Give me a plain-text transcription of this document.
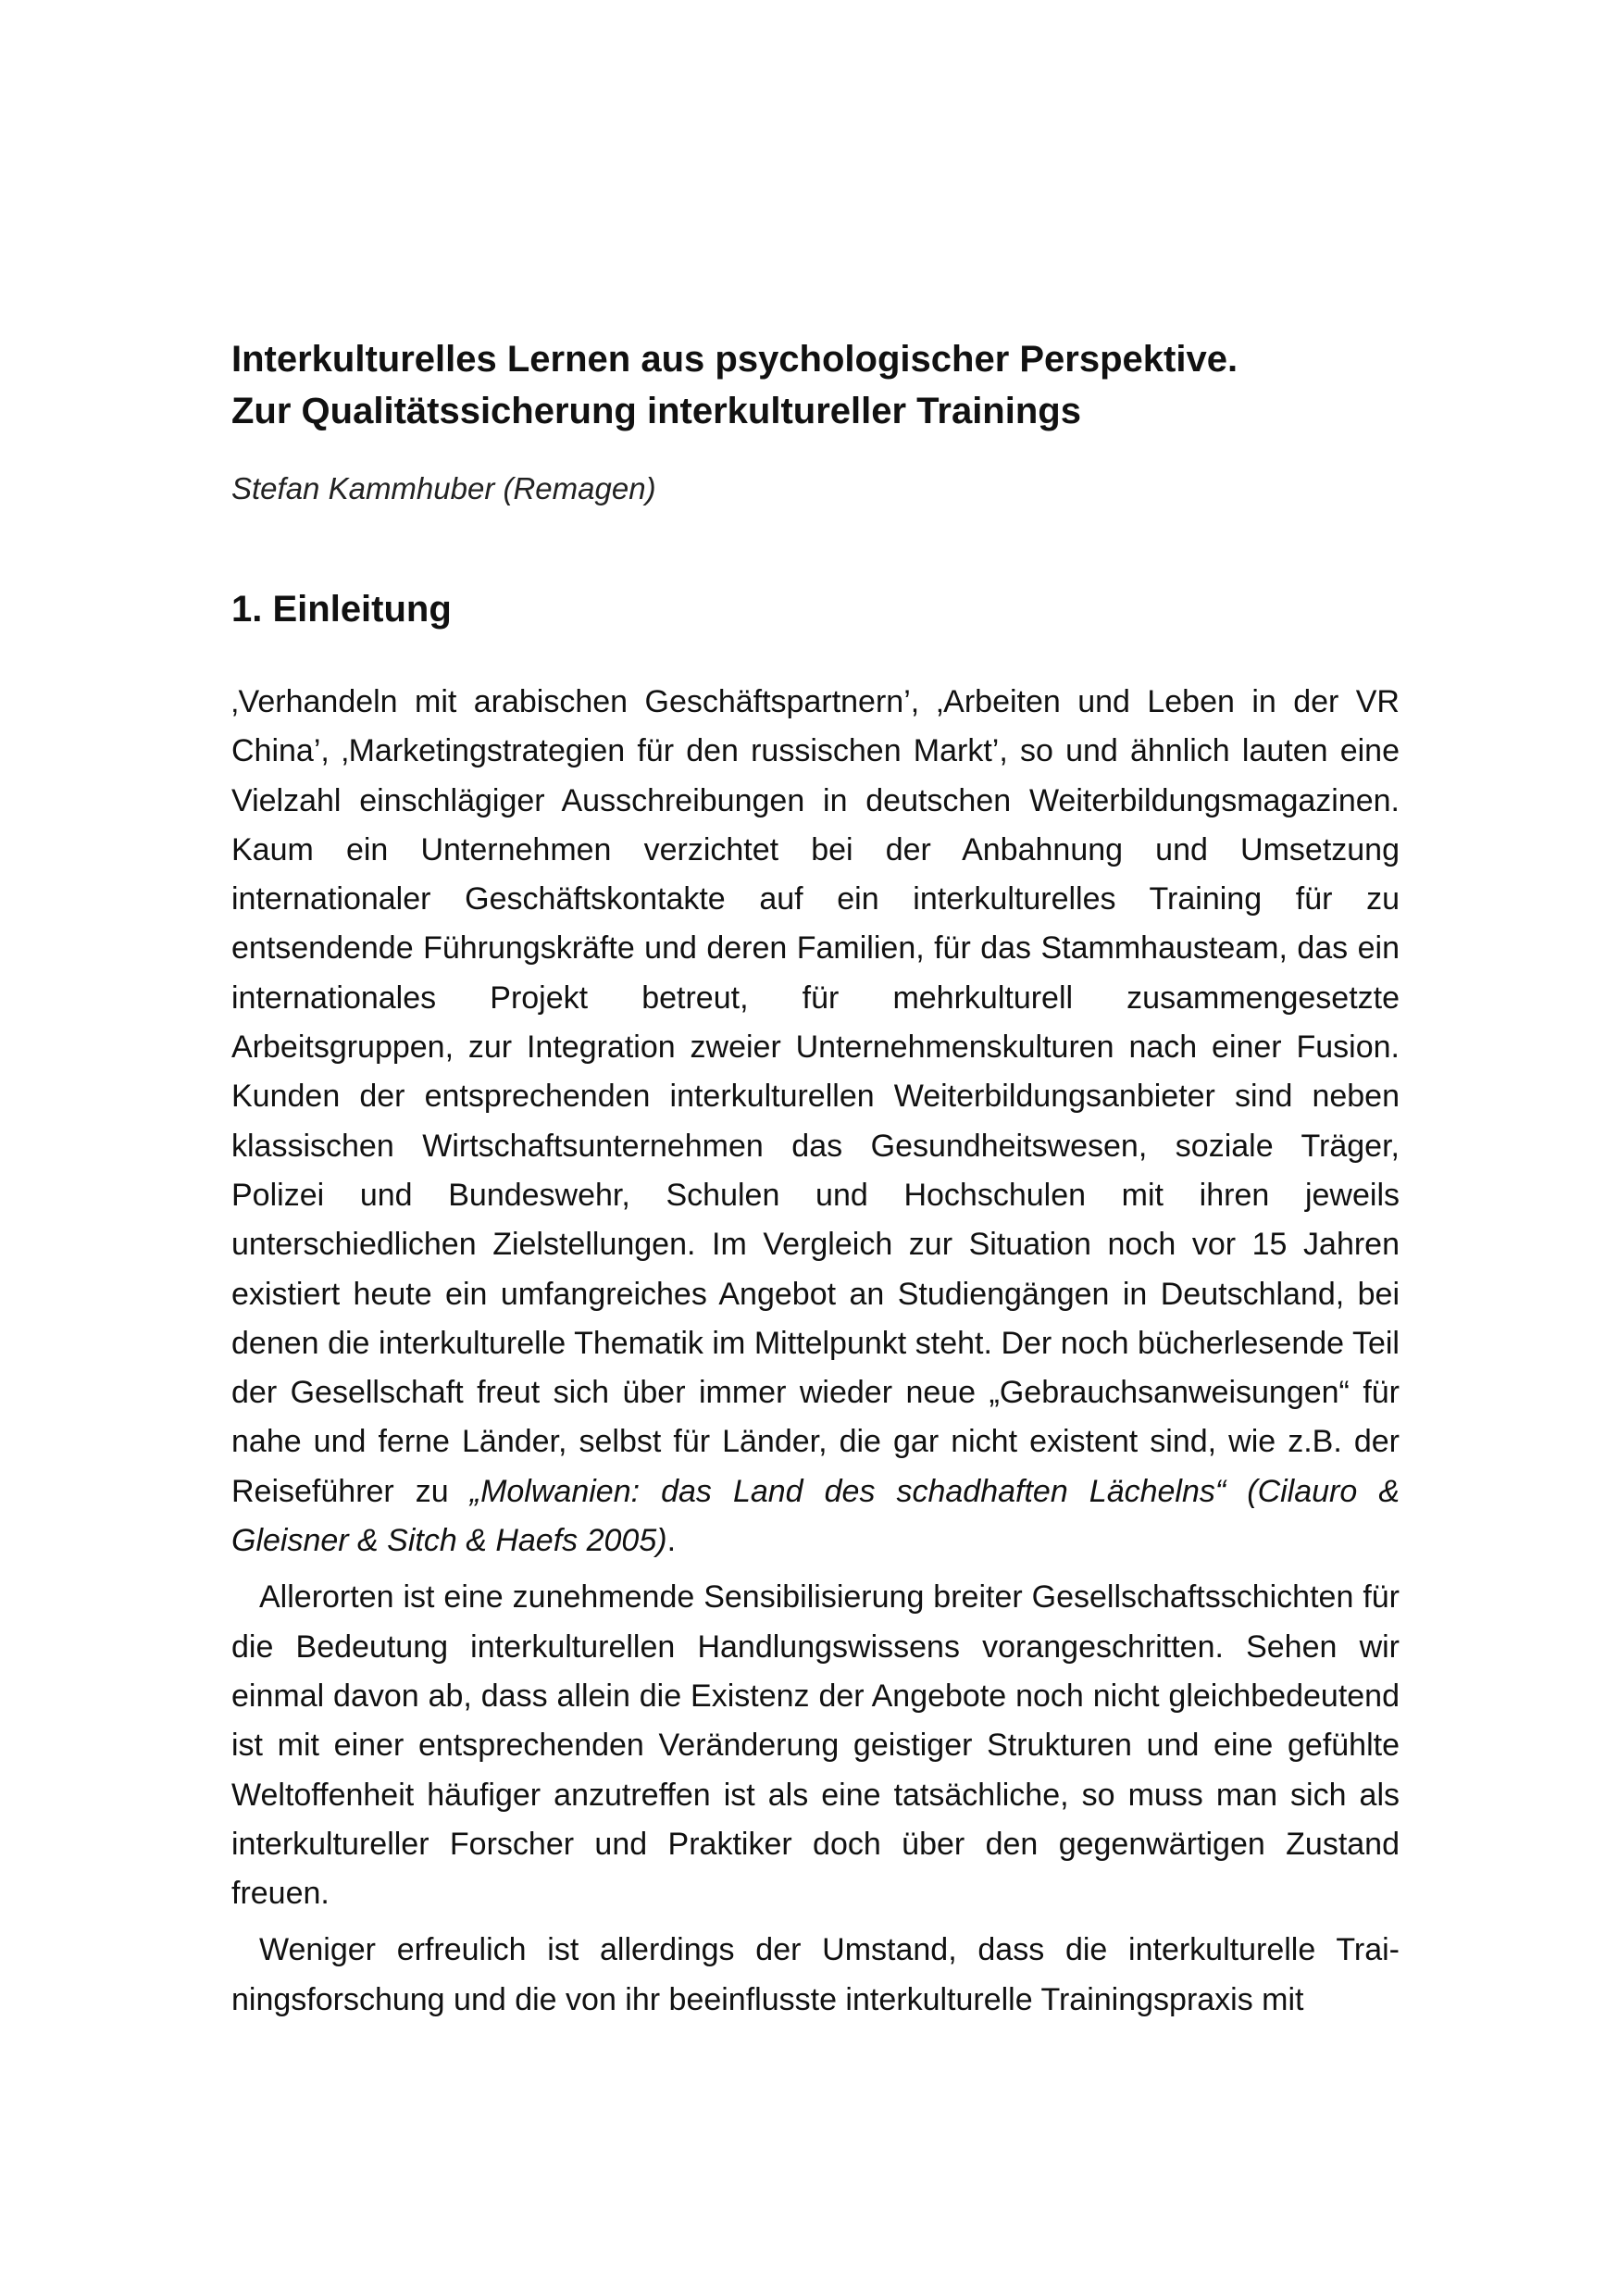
Interkulturelles Lernen aus psychologischer Perspektive.
Zur Qualitätssicherung interkultureller Trainings
Stefan Kammhuber (Remagen)
1. Einleitung

‚Verhandeln mit arabischen Geschäftspartnern’, ‚Arbeiten und Leben in der VR China’, ‚Marketingstrategien für den russischen Markt’, so und ähnlich lauten eine Vielzahl einschlägiger Ausschreibungen in deutschen Weiterbildungsmagazinen. Kaum ein Unternehmen verzichtet bei der Anbahnung und Umsetzung internationaler Geschäftskontakte auf ein interkulturelles Training für zu entsendende Führungskräfte und deren Familien, für das Stammhausteam, das ein internationales Projekt betreut, für mehrkulturell zusammengesetzte Arbeitsgruppen, zur Integration zweier Unternehmenskulturen nach einer Fusion. Kunden der entsprechenden interkulturellen Weiterbildungsanbieter sind neben klassischen Wirtschaftsunternehmen das Gesundheitswesen, soziale Träger, Polizei und Bundeswehr, Schulen und Hochschulen mit ihren jeweils unterschiedlichen Zielstellungen. Im Vergleich zur Situation noch vor 15 Jahren existiert heute ein umfangreiches Angebot an Studiengängen in Deutschland, bei denen die interkulturelle Thematik im Mittelpunkt steht. Der noch bücherlesende Teil der Gesellschaft freut sich über immer wieder neue „Gebrauchsanweisungen“ für nahe und ferne Länder, selbst für Länder, die gar nicht existent sind, wie z.B. der Reiseführer zu „Molwanien: das Land des schadhaften Lächelns“ (Cilauro & Gleisner & Sitch & Haefs 2005).

Allerorten ist eine zunehmende Sensibilisierung breiter Gesellschaftsschichten für die Bedeutung interkulturellen Handlungswissens vorangeschritten. Sehen wir einmal davon ab, dass allein die Existenz der Angebote noch nicht gleichbedeutend ist mit einer entsprechenden Veränderung geistiger Strukturen und eine gefühlte Weltoffenheit häufiger anzutreffen ist als eine tatsächliche, so muss man sich als interkultureller Forscher und Praktiker doch über den gegenwärtigen Zustand freuen.

Weniger erfreulich ist allerdings der Umstand, dass die interkulturelle Trainingsforschung und die von ihr beeinflusste interkulturelle Trainingspraxis mit
